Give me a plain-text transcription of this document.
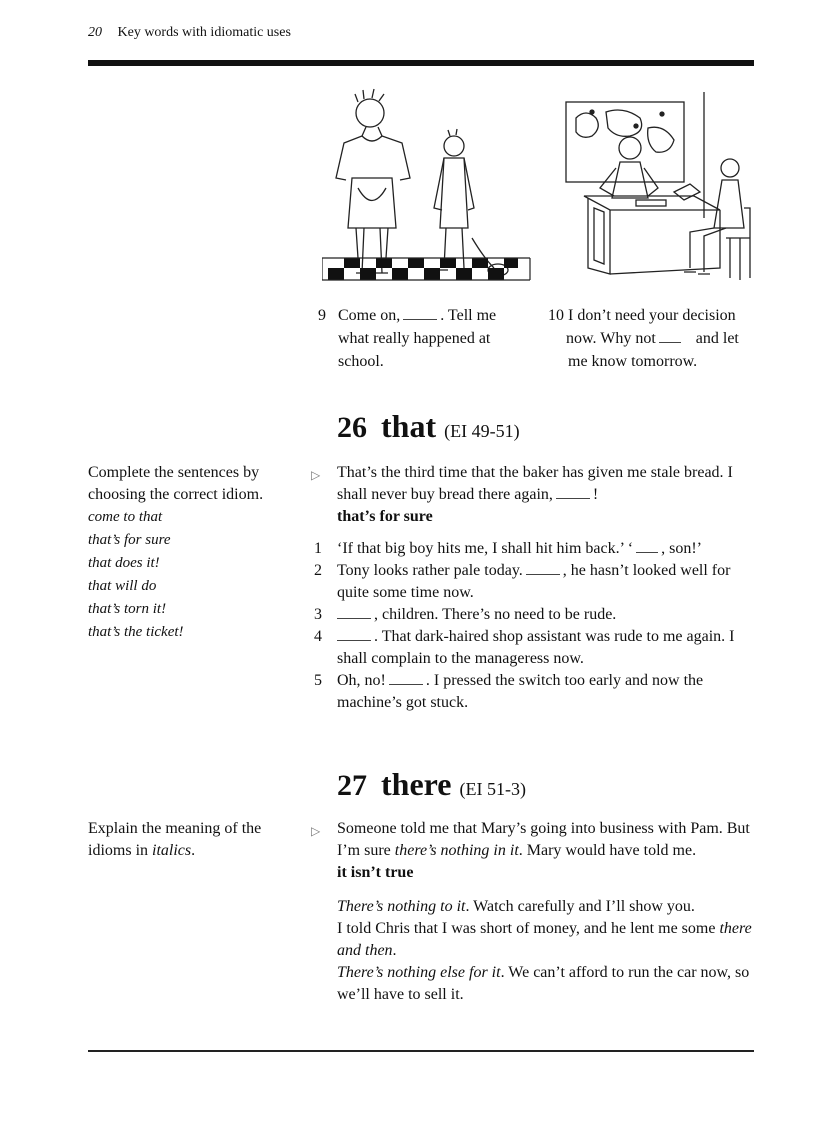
20 Key words with idiomatic uses
9 Come on,	. Tell me
what really happened at
school.
10 I don’t need your decision
now. Why not	and let
me know tomorrow.
26 that (EI 49-51)
Complete the sentences by
choosing the correct idiom.
come to that
that’s for sure
that does it!
that will do
that’s torn it!
that’s the ticket!
▷ That’s the third time that the baker has given me stale bread. I
shall never buy bread there again,	!
that’s for sure
1 ‘If that big boy hits me, I shall hit him back.’ ‘ , son!’
2 Tony looks rather pale today.	, he hasn’t looked well for quite some time now.
3	, children. There’s no need to be rude.
4	. That dark-haired shop assistant was rude to me again. I shall complain to the manageress now.
5 Oh, no!	. I pressed the switch too early and now the machine’s got stuck.
27 there (EI 51-3)
Explain the meaning of the
idioms in italics.
▷ Someone told me that Mary’s going into business with Pam. But
I’m sure there’s nothing in it. Mary would have told me.
it isn’t true
There’s nothing to it. Watch carefully and I’ll show you.
I told Chris that I was short of money, and he lent me some there and then.
There’s nothing else for it. We can’t afford to run the car now, so we’ll have to sell it.
